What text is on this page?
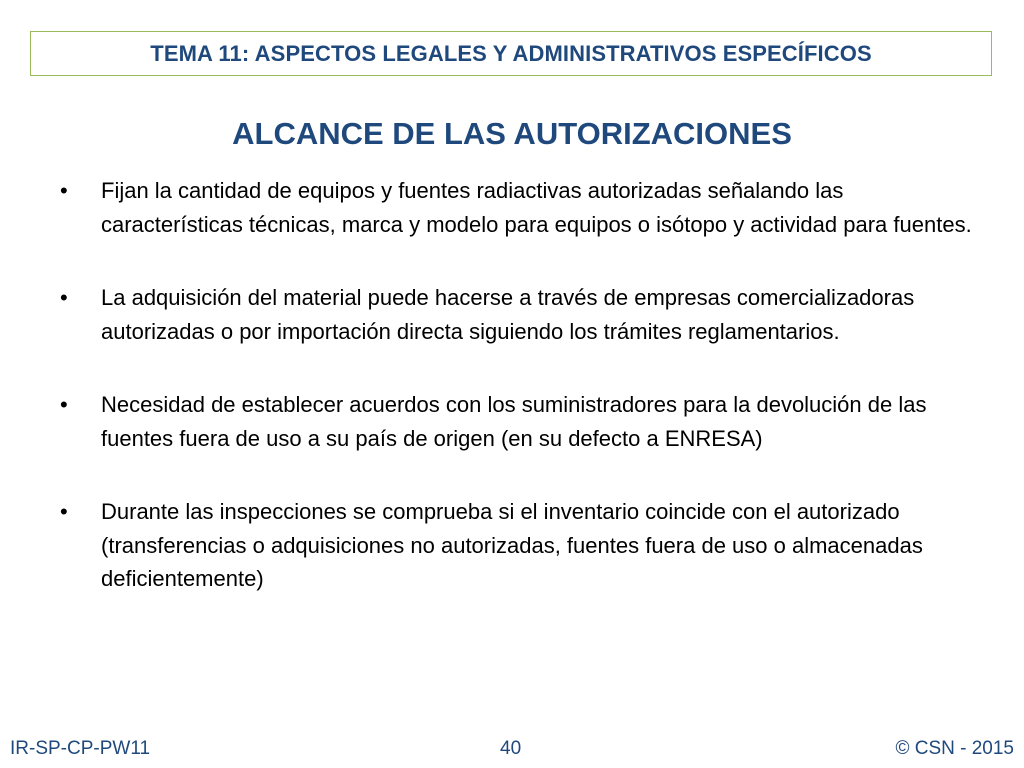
TEMA 11: ASPECTOS LEGALES Y ADMINISTRATIVOS ESPECÍFICOS
ALCANCE DE LAS AUTORIZACIONES
•	Fijan la cantidad de equipos y fuentes radiactivas autorizadas señalando las características técnicas, marca y modelo para equipos o isótopo y actividad para fuentes.
•	La adquisición del material puede hacerse a través de empresas comercializadoras autorizadas o por importación directa siguiendo los trámites reglamentarios.
•	Necesidad de establecer acuerdos con los suministradores para la devolución de las fuentes fuera de uso a su país de origen (en su defecto a ENRESA)
•	Durante las inspecciones se comprueba si el inventario coincide con el autorizado (transferencias o adquisiciones no autorizadas, fuentes fuera de uso o almacenadas deficientemente)
IR-SP-CP-PW11	40	© CSN - 2015
